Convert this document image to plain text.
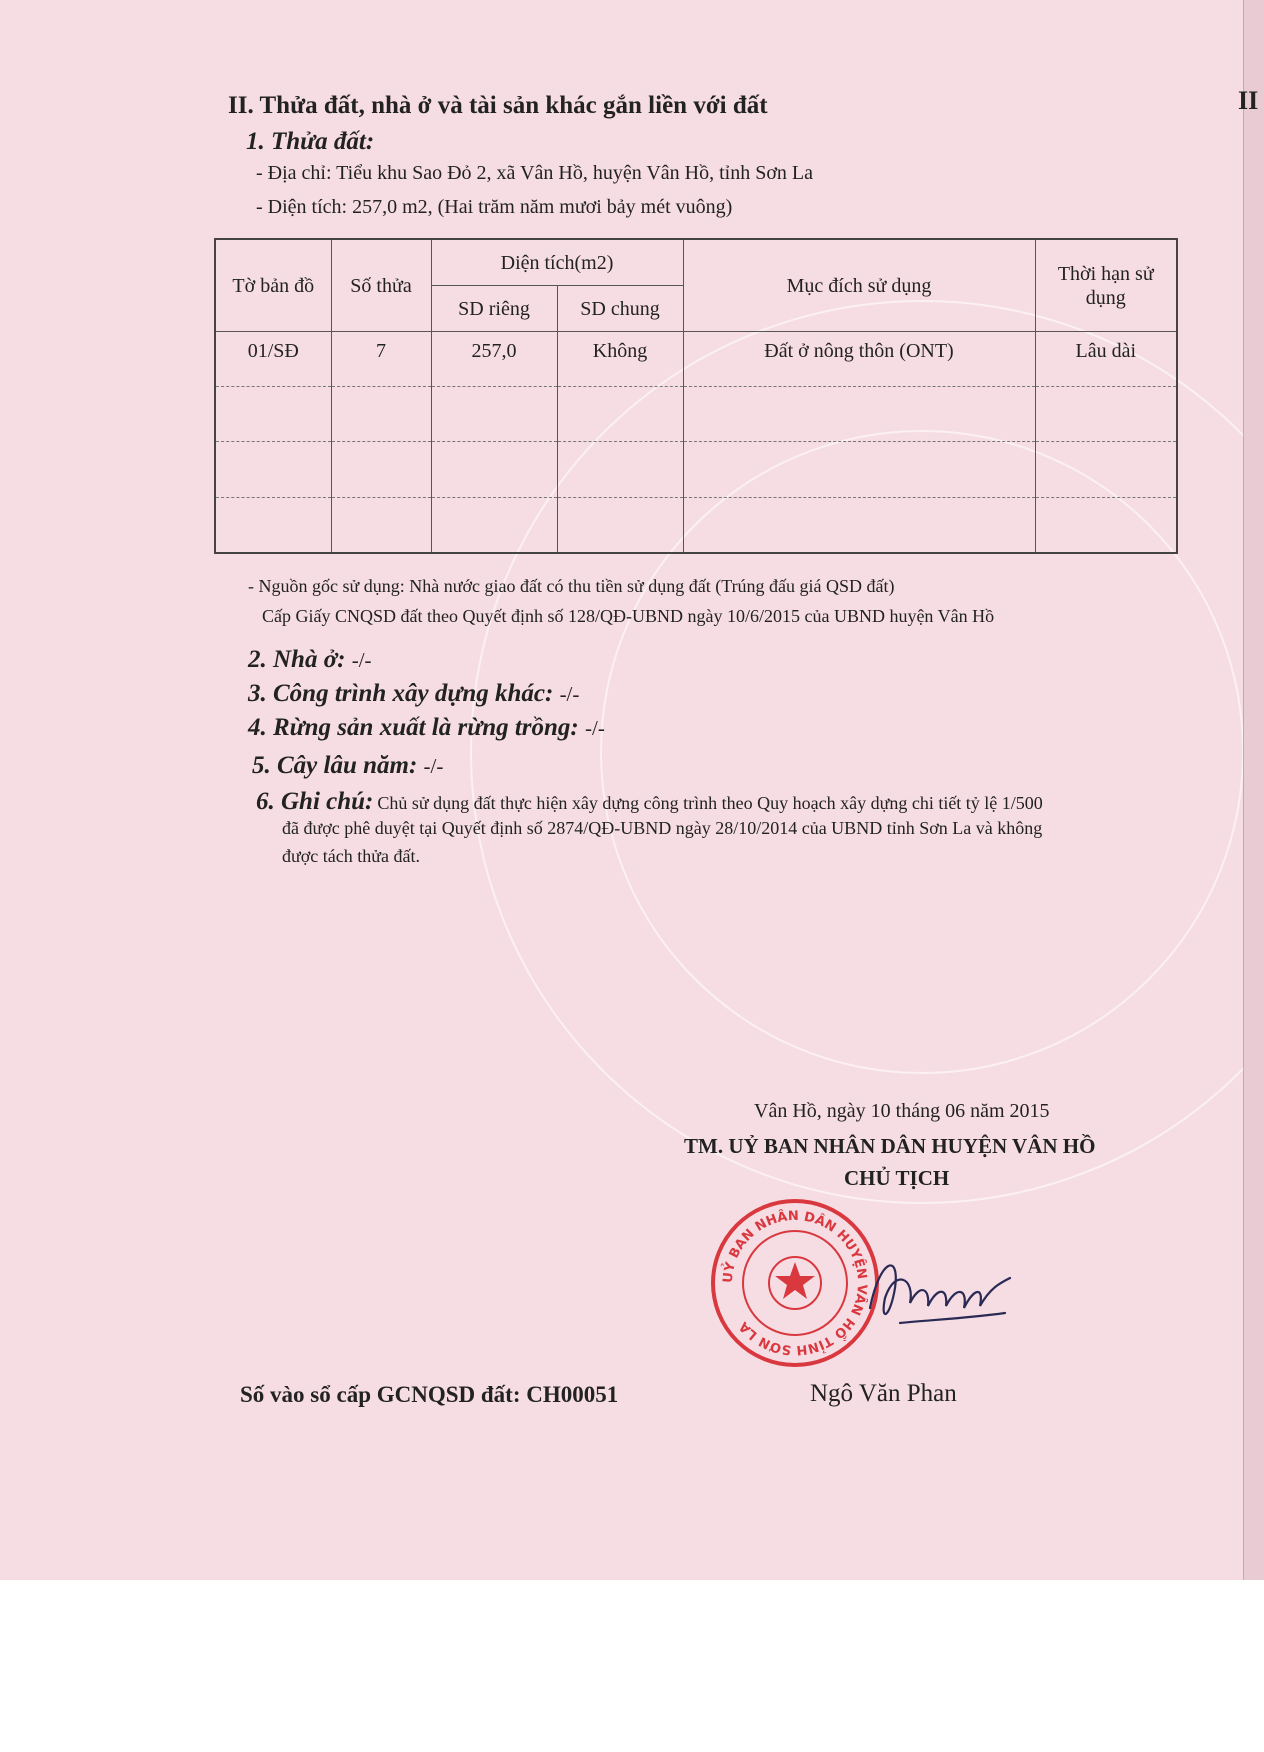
II
II. Thửa đất, nhà ở và tài sản khác gắn liền với đất
1. Thửa đất:
- Địa chỉ: Tiểu khu Sao Đỏ 2, xã Vân Hồ, huyện Vân Hồ, tỉnh Sơn La
- Diện tích: 257,0 m2, (Hai trăm năm mươi bảy mét vuông)
Tờ bản đồ	Số thửa	Diện tích(m2)		Mục đích sử dụng	Thời hạn sử dụng
		SD riêng	SD chung		
01/SĐ	7	257,0	Không	Đất ở nông thôn (ONT)	Lâu dài

- Nguồn gốc sử dụng: Nhà nước giao đất có thu tiền sử dụng đất (Trúng đấu giá QSD đất)
Cấp Giấy CNQSD đất theo Quyết định số 128/QĐ-UBND ngày 10/6/2015 của UBND huyện Vân Hồ
2. Nhà ở: -/-
3. Công trình xây dựng khác: -/-
4. Rừng sản xuất là rừng trồng: -/-
5. Cây lâu năm: -/-
6. Ghi chú: Chủ sử dụng đất thực hiện xây dựng công trình theo Quy hoạch xây dựng chi tiết tỷ lệ 1/500
đã được phê duyệt tại Quyết định số 2874/QĐ-UBND ngày 28/10/2014 của UBND tỉnh Sơn La và không
được tách thửa đất.
Vân Hồ, ngày 10 tháng 06 năm 2015
TM. UỶ BAN NHÂN DÂN HUYỆN VÂN HỒ
CHỦ TỊCH
UỶ BAN NHÂN DÂN HUYỆN VÂN HỒ TỈNH SƠN LA
Số vào sổ cấp GCNQSD đất: CH00051	Ngô Văn Phan
